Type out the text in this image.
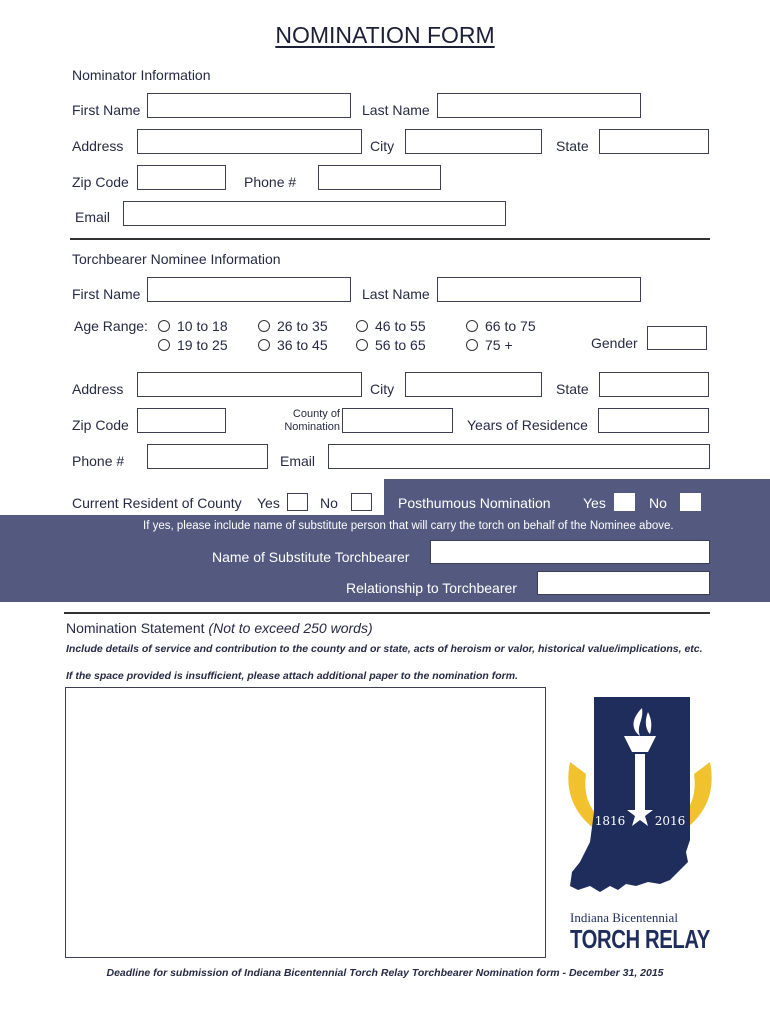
NOMINATION FORM
Nominator Information
First Name	Last Name
Address	City	State
Zip Code	Phone #
Email
Torchbearer Nominee Information
First Name	Last Name
Age Range: 10 to 18
19 to 25
26 to 35
36 to 45
46 to 55
56 to 65
66 to 75
75 +	Gender
Address	City	State
Zip Code
County of
Nomination	Years of Residence
Phone #	Email
Current Resident of County Yes	No	Posthumous Nomination Yes	No
If yes, please include name of substitute person that will carry the torch on behalf of the Nominee above.
Name of Substitute Torchbearer
Relationship to Torchbearer
Nomination Statement (Not to exceed 250 words)
Include details of service and contribution to the county and or state, acts of heroism or valor, historical value/implications, etc.
If the space provided is insufficient, please attach additional paper to the nomination form.
1816 2016
Indiana Bicentennial
TORCH RELAY
Deadline for submission of Indiana Bicentennial Torch Relay Torchbearer Nomination form - December 31, 2015
